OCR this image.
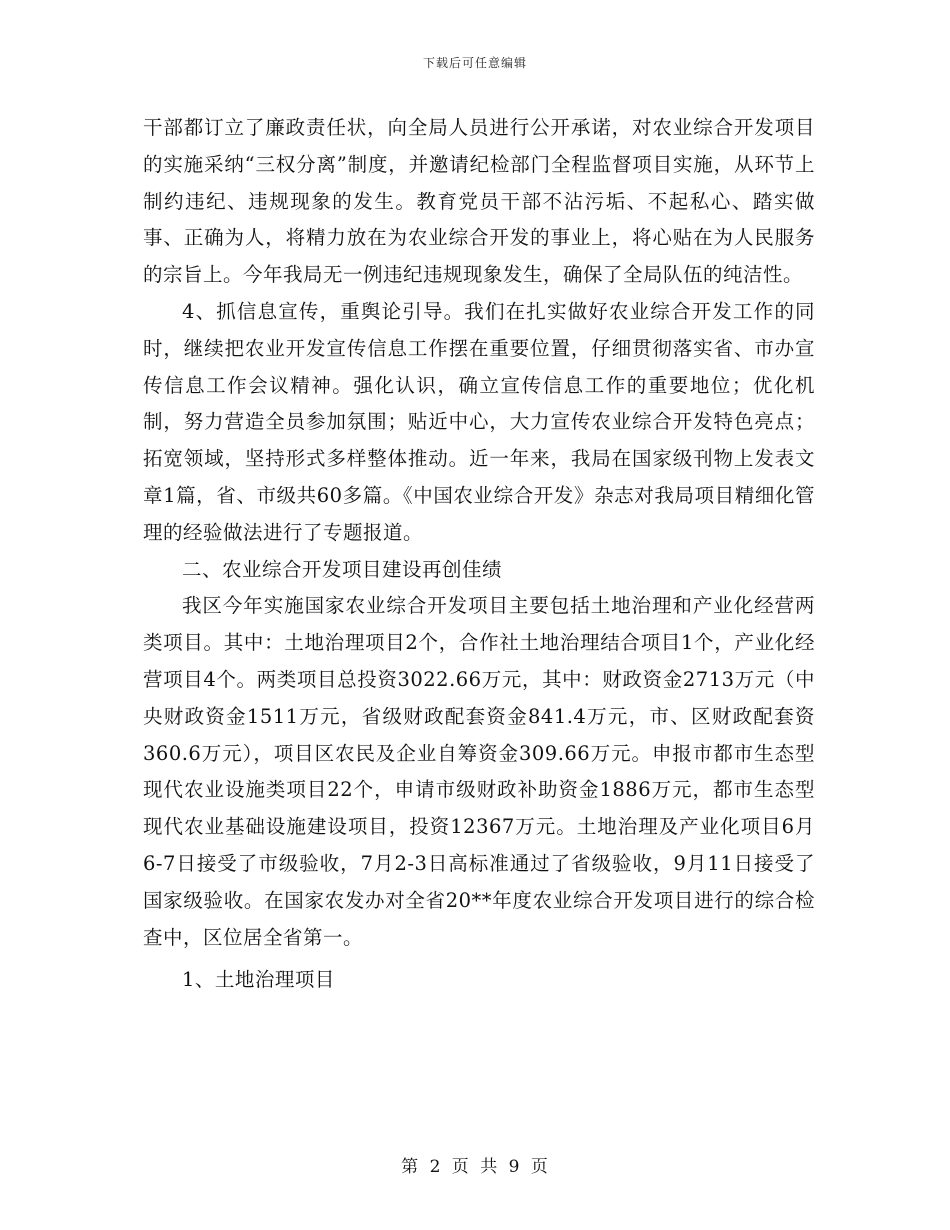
下载后可任意编辑

干部都订立了廉政责任状，向全局人员进行公开承诺，对农业综合开发项目的实施采纳“三权分离”制度，并邀请纪检部门全程监督项目实施，从环节上制约违纪、违规现象的发生。教育党员干部不沾污垢、不起私心、踏实做事、正确为人，将精力放在为农业综合开发的事业上，将心贴在为人民服务的宗旨上。今年我局无一例违纪违规现象发生，确保了全局队伍的纯洁性。

4、抓信息宣传，重舆论引导。我们在扎实做好农业综合开发工作的同时，继续把农业开发宣传信息工作摆在重要位置，仔细贯彻落实省、市办宣传信息工作会议精神。强化认识，确立宣传信息工作的重要地位；优化机制，努力营造全员参加氛围；贴近中心，大力宣传农业综合开发特色亮点；拓宽领域，坚持形式多样整体推动。近一年来，我局在国家级刊物上发表文章1篇，省、市级共60多篇。《中国农业综合开发》杂志对我局项目精细化管理的经验做法进行了专题报道。

二、农业综合开发项目建设再创佳绩

我区今年实施国家农业综合开发项目主要包括土地治理和产业化经营两类项目。其中：土地治理项目2个，合作社土地治理结合项目1个，产业化经营项目4个。两类项目总投资3022.66万元，其中：财政资金2713万元（中央财政资金1511万元，省级财政配套资金841.4万元，市、区财政配套资360.6万元），项目区农民及企业自筹资金309.66万元。申报市都市生态型现代农业设施类项目22个，申请市级财政补助资金1886万元，都市生态型现代农业基础设施建设项目，投资12367万元。土地治理及产业化项目6月6-7日接受了市级验收，7月2-3日高标准通过了省级验收，9月11日接受了国家级验收。在国家农发办对全省20**年度农业综合开发项目进行的综合检查中，区位居全省第一。

1、土地治理项目

第 2 页 共 9 页
